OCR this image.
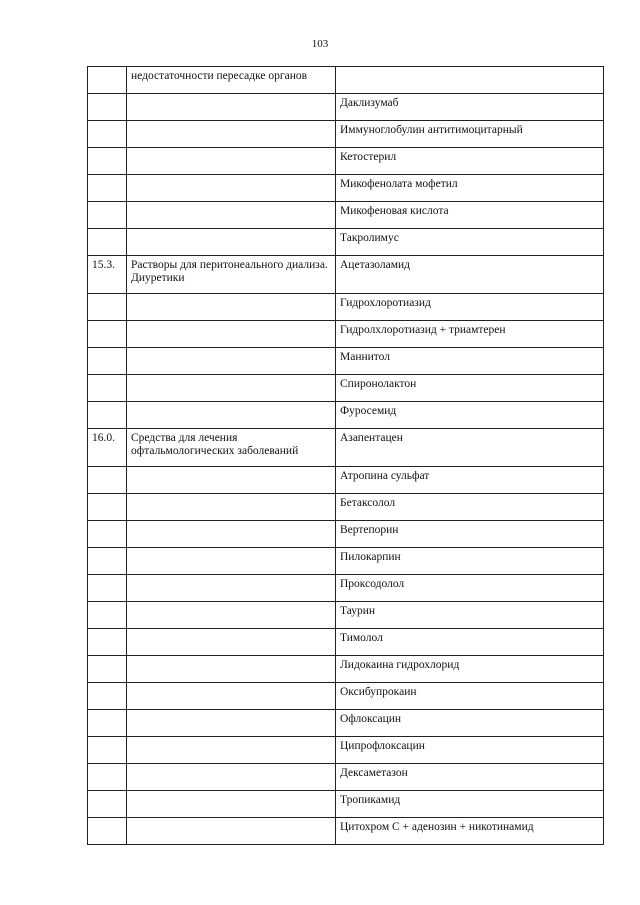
103
	недостаточности пересадке органов	
		Даклизумаб
		Иммуноглобулин антитимоцитарный
		Кетостерил
		Микофенолата мофетил
		Микофеновая кислота
		Такролимус
15.3.	Растворы для перитонеального диализа. Диуретики	Ацетазоламид
		Гидрохлоротиазид
		Гидролхлоротиазид + триамтерен
		Маннитол
		Спиронолактон
		Фуросемид
16.0.	Средства для лечения офтальмологических заболеваний	Азапентацен
		Атропина сульфат
		Бетаксолол
		Вертепорин
		Пилокарпин
		Проксодолол
		Таурин
		Тимолол
		Лидокаина гидрохлорид
		Оксибупрокаин
		Офлоксацин
		Ципрофлоксацин
		Дексаметазон
		Тропикамид
		Цитохром С + аденозин + никотинамид
